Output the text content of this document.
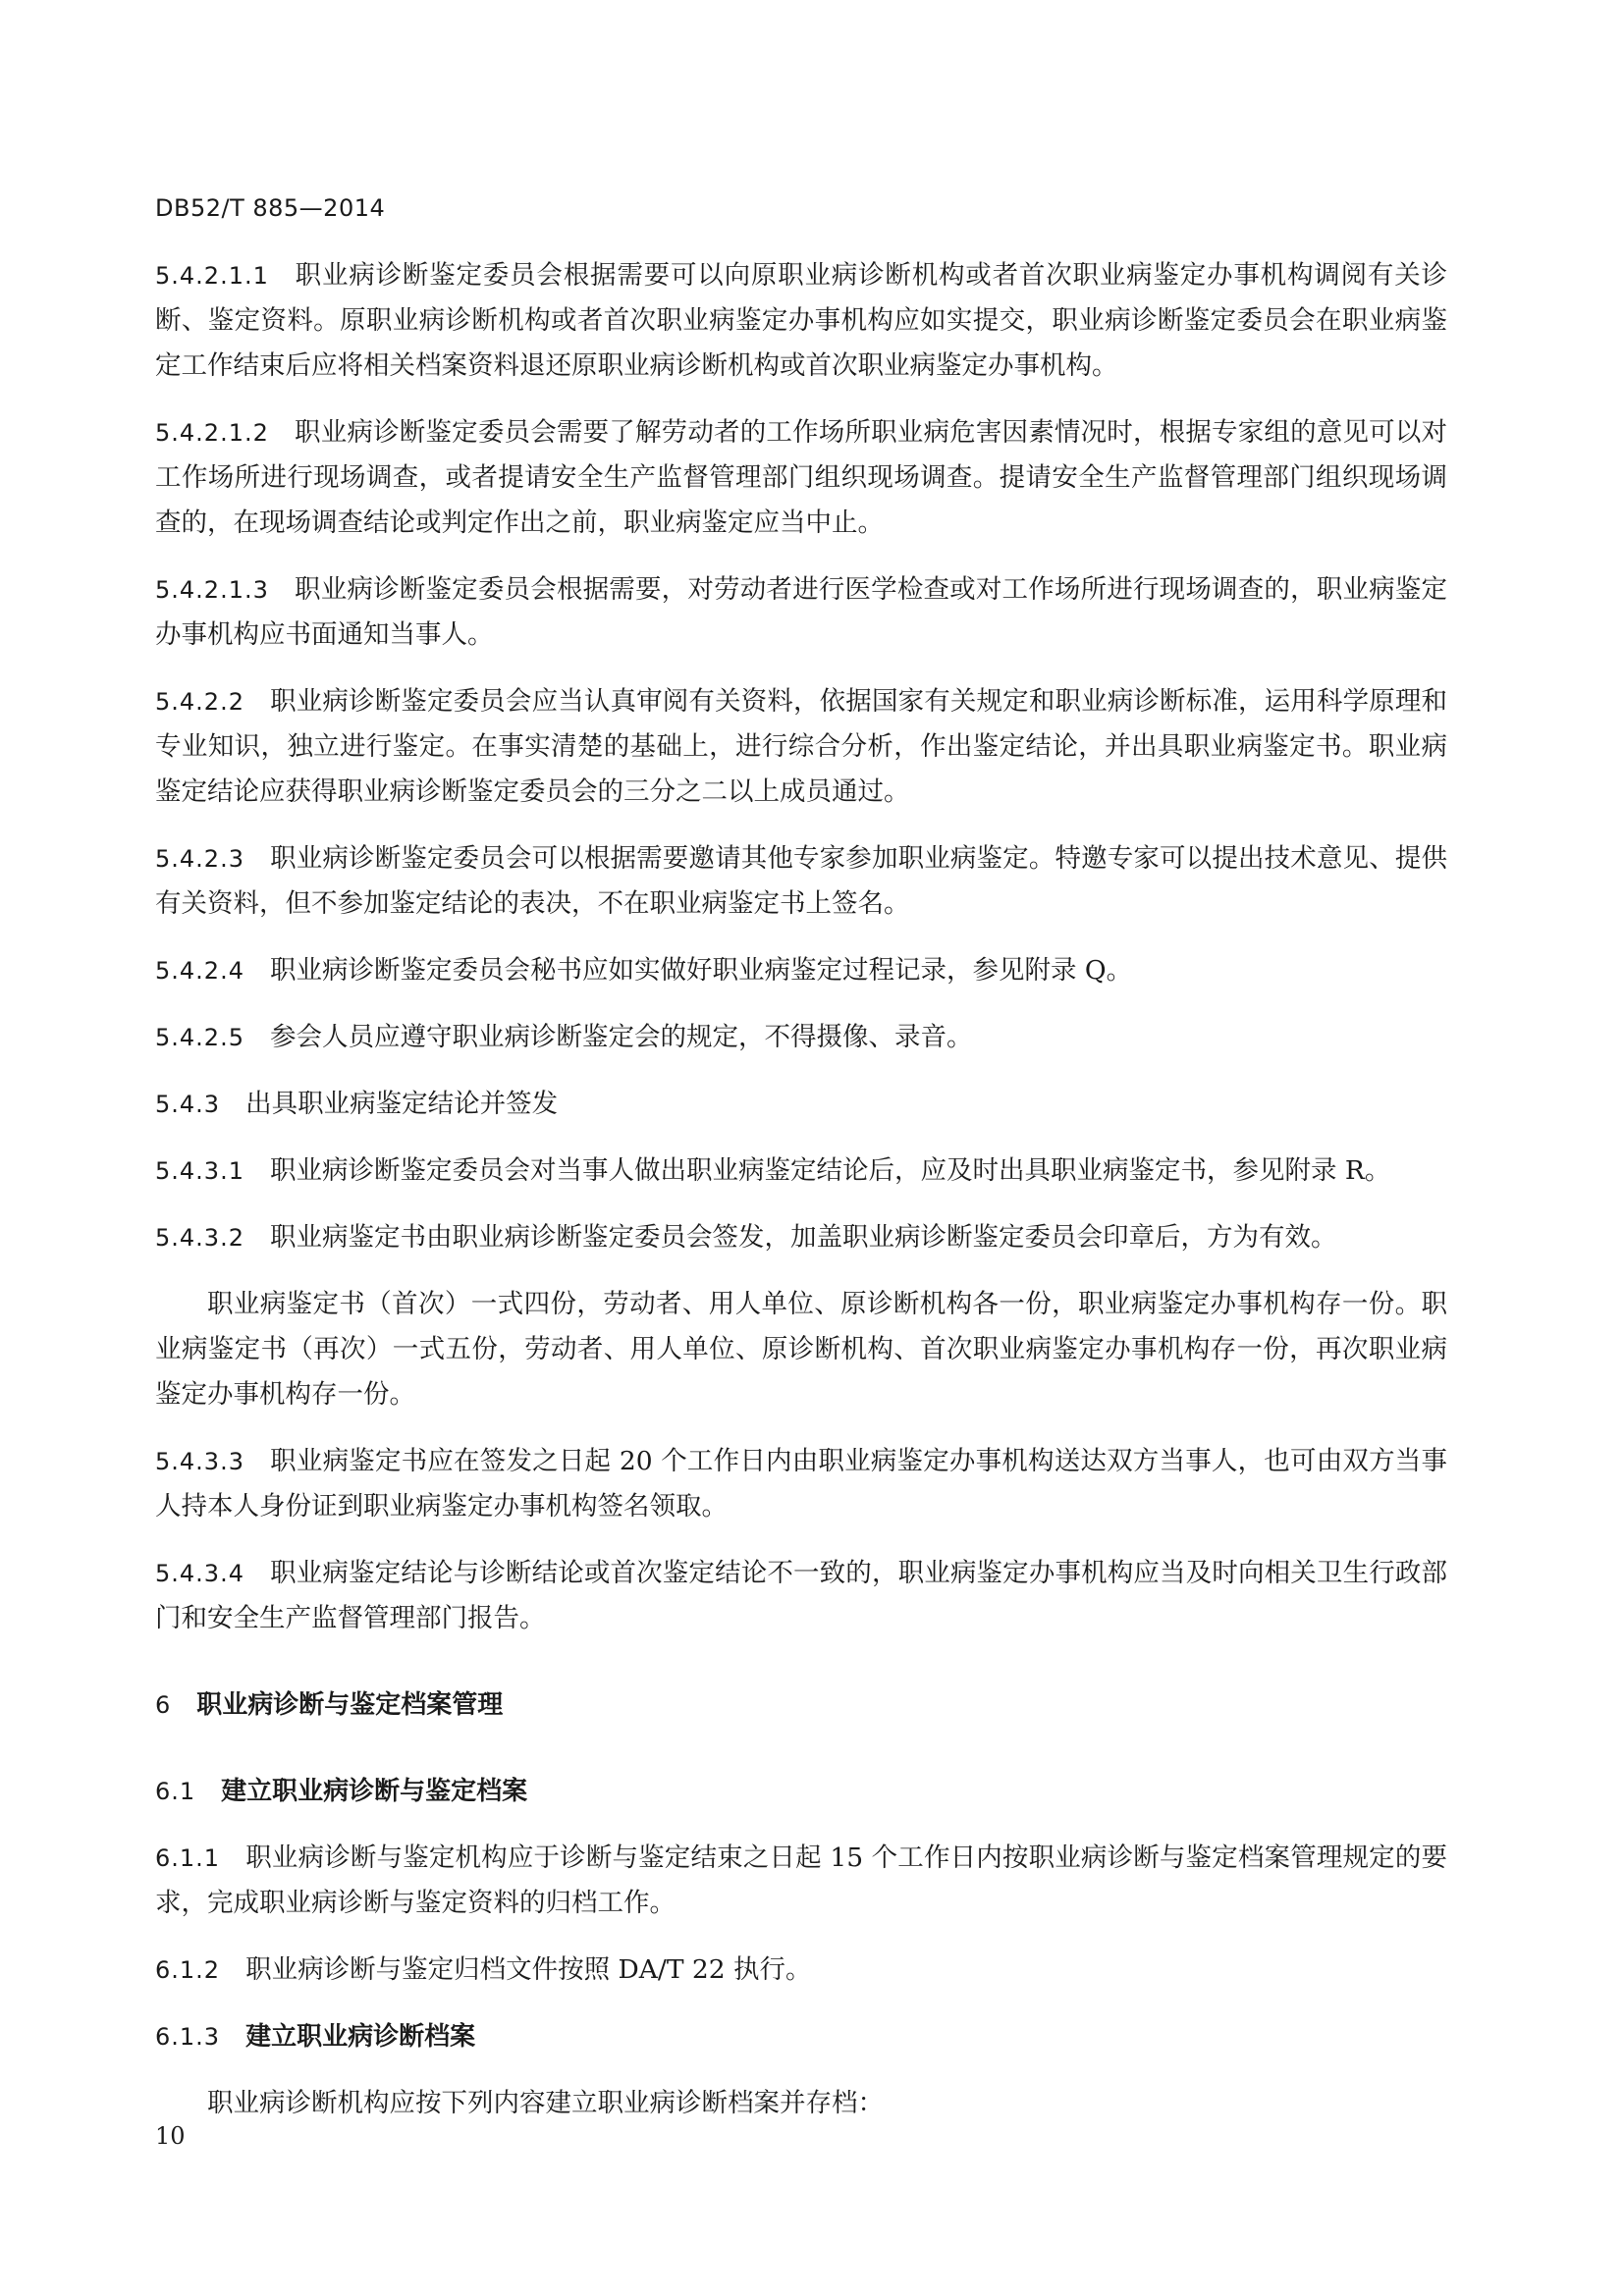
DB52/T 885—2014

5.4.2.1.1 职业病诊断鉴定委员会根据需要可以向原职业病诊断机构或者首次职业病鉴定办事机构调阅有关诊断、鉴定资料。原职业病诊断机构或者首次职业病鉴定办事机构应如实提交，职业病诊断鉴定委员会在职业病鉴定工作结束后应将相关档案资料退还原职业病诊断机构或首次职业病鉴定办事机构。

5.4.2.1.2 职业病诊断鉴定委员会需要了解劳动者的工作场所职业病危害因素情况时，根据专家组的意见可以对工作场所进行现场调查，或者提请安全生产监督管理部门组织现场调查。提请安全生产监督管理部门组织现场调查的，在现场调查结论或判定作出之前，职业病鉴定应当中止。

5.4.2.1.3 职业病诊断鉴定委员会根据需要，对劳动者进行医学检查或对工作场所进行现场调查的，职业病鉴定办事机构应书面通知当事人。

5.4.2.2 职业病诊断鉴定委员会应当认真审阅有关资料，依据国家有关规定和职业病诊断标准，运用科学原理和专业知识，独立进行鉴定。在事实清楚的基础上，进行综合分析，作出鉴定结论，并出具职业病鉴定书。职业病鉴定结论应获得职业病诊断鉴定委员会的三分之二以上成员通过。

5.4.2.3 职业病诊断鉴定委员会可以根据需要邀请其他专家参加职业病鉴定。特邀专家可以提出技术意见、提供有关资料，但不参加鉴定结论的表决，不在职业病鉴定书上签名。

5.4.2.4 职业病诊断鉴定委员会秘书应如实做好职业病鉴定过程记录，参见附录 Q。

5.4.2.5 参会人员应遵守职业病诊断鉴定会的规定，不得摄像、录音。

5.4.3 出具职业病鉴定结论并签发

5.4.3.1 职业病诊断鉴定委员会对当事人做出职业病鉴定结论后，应及时出具职业病鉴定书，参见附录 R。

5.4.3.2 职业病鉴定书由职业病诊断鉴定委员会签发，加盖职业病诊断鉴定委员会印章后，方为有效。

职业病鉴定书（首次）一式四份，劳动者、用人单位、原诊断机构各一份，职业病鉴定办事机构存一份。职业病鉴定书（再次）一式五份，劳动者、用人单位、原诊断机构、首次职业病鉴定办事机构存一份，再次职业病鉴定办事机构存一份。

5.4.3.3 职业病鉴定书应在签发之日起 20 个工作日内由职业病鉴定办事机构送达双方当事人，也可由双方当事人持本人身份证到职业病鉴定办事机构签名领取。

5.4.3.4 职业病鉴定结论与诊断结论或首次鉴定结论不一致的，职业病鉴定办事机构应当及时向相关卫生行政部门和安全生产监督管理部门报告。

6 职业病诊断与鉴定档案管理
6.1 建立职业病诊断与鉴定档案

6.1.1 职业病诊断与鉴定机构应于诊断与鉴定结束之日起 15 个工作日内按职业病诊断与鉴定档案管理规定的要求，完成职业病诊断与鉴定资料的归档工作。

6.1.2 职业病诊断与鉴定归档文件按照 DA/T 22 执行。

6.1.3 建立职业病诊断档案

职业病诊断机构应按下列内容建立职业病诊断档案并存档：

10
